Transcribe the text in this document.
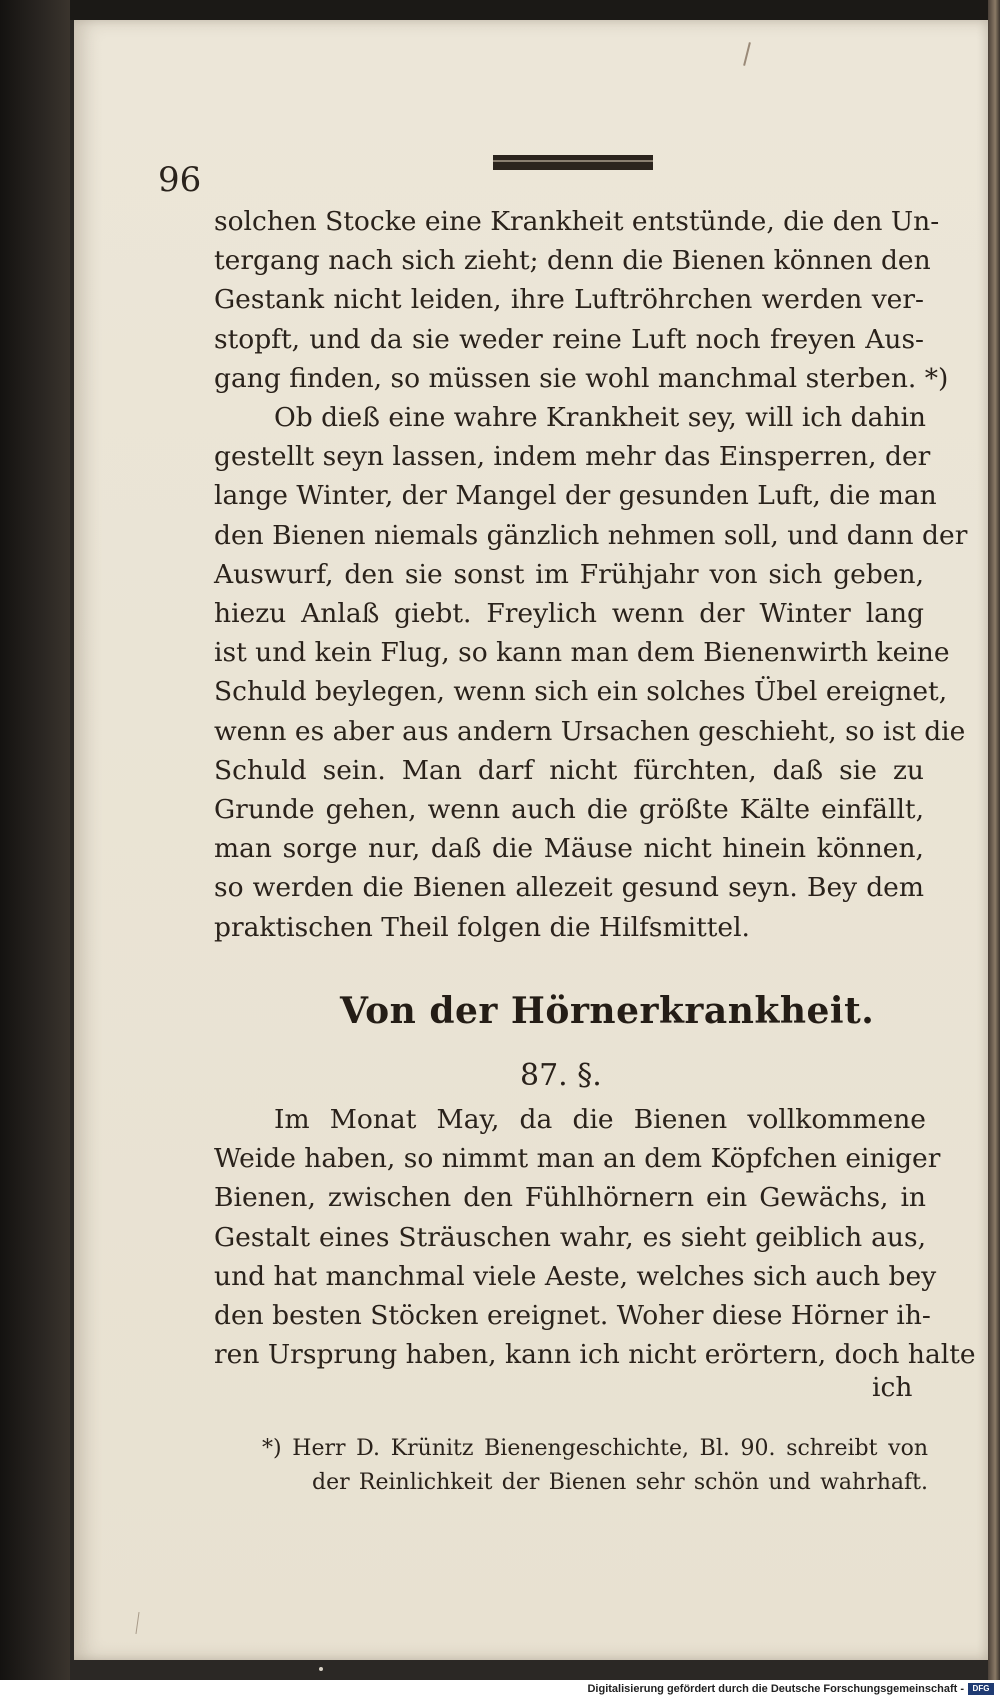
96
solchen Stocke eine Krankheit entstünde, die den Un-
tergang nach sich zieht; denn die Bienen können den
Gestank nicht leiden, ihre Luftröhrchen werden ver-
stopft, und da sie weder reine Luft noch freyen Aus-
gang finden, so müssen sie wohl manchmal sterben. *)
Ob dieß eine wahre Krankheit sey, will ich dahin
gestellt seyn lassen, indem mehr das Einsperren, der
lange Winter, der Mangel der gesunden Luft, die man
den Bienen niemals gänzlich nehmen soll, und dann der
Auswurf, den sie sonst im Frühjahr von sich geben,
hiezu Anlaß giebt. Freylich wenn der Winter lang
ist und kein Flug, so kann man dem Bienenwirth keine
Schuld beylegen, wenn sich ein solches Übel ereignet,
wenn es aber aus andern Ursachen geschieht, so ist die
Schuld sein. Man darf nicht fürchten, daß sie zu
Grunde gehen, wenn auch die größte Kälte einfällt,
man sorge nur, daß die Mäuse nicht hinein können,
so werden die Bienen allezeit gesund seyn. Bey dem
praktischen Theil folgen die Hilfsmittel.
Von der Hörnerkrankheit.
87. §.
Im Monat May, da die Bienen vollkommene
Weide haben, so nimmt man an dem Köpfchen einiger
Bienen, zwischen den Fühlhörnern ein Gewächs, in
Gestalt eines Sträuschen wahr, es sieht geiblich aus,
und hat manchmal viele Aeste, welches sich auch bey
den besten Stöcken ereignet. Woher diese Hörner ih-
ren Ursprung haben, kann ich nicht erörtern, doch halte
ich
*) Herr D. Krünitz Bienengeschichte, Bl. 90. schreibt von
der Reinlichkeit der Bienen sehr schön und wahrhaft.
Digitalisierung gefördert durch die Deutsche Forschungsgemeinschaft -	DFG
